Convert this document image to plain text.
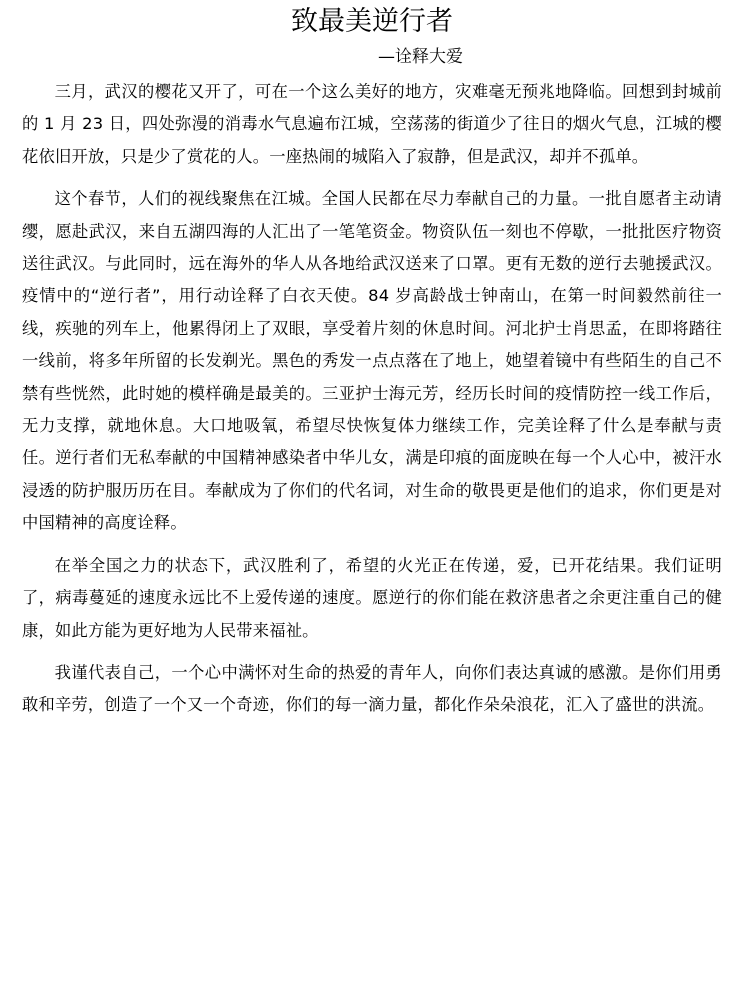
致最美逆行者
—诠释大爱

三月，武汉的樱花又开了，可在一个这么美好的地方，灾难毫无预兆地降临。回想到封城前的 1 月 23 日，四处弥漫的消毒水气息遍布江城，空荡荡的街道少了往日的烟火气息，江城的樱花依旧开放，只是少了赏花的人。一座热闹的城陷入了寂静，但是武汉，却并不孤单。

这个春节，人们的视线聚焦在江城。全国人民都在尽力奉献自己的力量。一批自愿者主动请缨，愿赴武汉，来自五湖四海的人汇出了一笔笔资金。物资队伍一刻也不停歇，一批批医疗物资送往武汉。与此同时，远在海外的华人从各地给武汉送来了口罩。更有无数的逆行去驰援武汉。疫情中的“逆行者”，用行动诠释了白衣天使。84 岁高龄战士钟南山，在第一时间毅然前往一线，疾驰的列车上，他累得闭上了双眼，享受着片刻的休息时间。河北护士肖思孟，在即将踏往一线前，将多年所留的长发剃光。黑色的秀发一点点落在了地上，她望着镜中有些陌生的自己不禁有些恍然，此时她的模样确是最美的。三亚护士海元芳，经历长时间的疫情防控一线工作后，无力支撑，就地休息。大口地吸氧，希望尽快恢复体力继续工作，完美诠释了什么是奉献与责任。逆行者们无私奉献的中国精神感染者中华儿女，满是印痕的面庞映在每一个人心中，被汗水浸透的防护服历历在目。奉献成为了你们的代名词，对生命的敬畏更是他们的追求，你们更是对中国精神的高度诠释。

在举全国之力的状态下，武汉胜利了，希望的火光正在传递，爱，已开花结果。我们证明了，病毒蔓延的速度永远比不上爱传递的速度。愿逆行的你们能在救济患者之余更注重自己的健康，如此方能为更好地为人民带来福祉。

我谨代表自己，一个心中满怀对生命的热爱的青年人，向你们表达真诚的感激。是你们用勇敢和辛劳，创造了一个又一个奇迹，你们的每一滴力量，都化作朵朵浪花，汇入了盛世的洪流。
